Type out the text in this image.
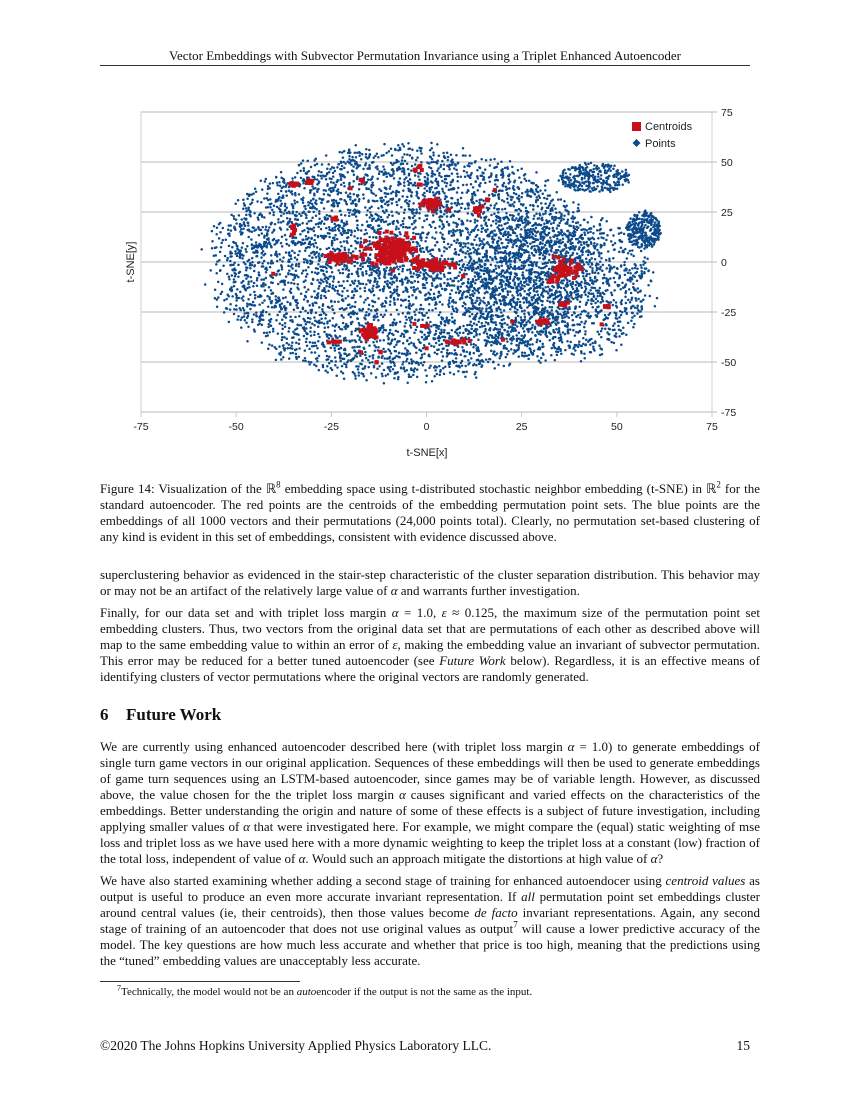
Vector Embeddings with Subvector Permutation Invariance using a Triplet Enhanced Autoencoder
75
50
25
0
-25
-50
-75
-75	-50	-25	0	25	50	75
t-SNE[x]
t-SNE[y]
Centroids
Points
Figure 14: Visualization of the ℝ$^8$ embedding space using t-distributed stochastic neighbor embedding (t-SNE) in ℝ$^2$ for the standard autoencoder. The red points are the centroids of the embedding permutation point sets. The blue points are the embeddings of all 1000 vectors and their permutations (24,000 points total). Clearly, no permutation set-based clustering of any kind is evident in this set of embeddings, consistent with evidence discussed above.

superclustering behavior as evidenced in the stair-step characteristic of the cluster separation distribution. This behavior may or may not be an artifact of the relatively large value of α and warrants further investigation.

Finally, for our data set and with triplet loss margin α = 1.0, ε ≈ 0.125, the maximum size of the permutation point set embedding clusters. Thus, two vectors from the original data set that are permutations of each other as described above will map to the same embedding value to within an error of ε, making the embedding value an invariant of subvector permutation. This error may be reduced for a better tuned autoencoder (see Future Work below). Regardless, it is an effective means of identifying clusters of vector permutations where the original vectors are randomly generated.

6 Future Work

We are currently using enhanced autoencoder described here (with triplet loss margin α = 1.0) to generate embeddings of single turn game vectors in our original application. Sequences of these embeddings will then be used to generate embeddings of game turn sequences using an LSTM-based autoencoder, since games may be of variable length. However, as discussed above, the value chosen for the the triplet loss margin α causes significant and varied effects on the characteristics of the embeddings. Better understanding the origin and nature of some of these effects is a subject of future investigation, including applying smaller values of α that were investigated here. For example, we might compare the (equal) static weighting of mse loss and triplet loss as we have used here with a more dynamic weighting to keep the triplet loss at a constant (low) fraction of the total loss, independent of value of α. Would such an approach mitigate the distortions at high value of α?

We have also started examining whether adding a second stage of training for enhanced autoendocer using centroid values as output is useful to produce an even more accurate invariant representation. If all permutation point set embeddings cluster around central values (ie, their centroids), then those values become de facto invariant representations. Again, any second stage of training of an autoencoder that does not use original values as output$^7$ will cause a lower predictive accuracy of the model. The key questions are how much less accurate and whether that price is too high, meaning that the predictions using the “tuned” embedding values are unacceptably less accurate.

$^7$Technically, the model would not be an autoencoder if the output is not the same as the input.
©2020 The Johns Hopkins University Applied Physics Laboratory LLC.	15
